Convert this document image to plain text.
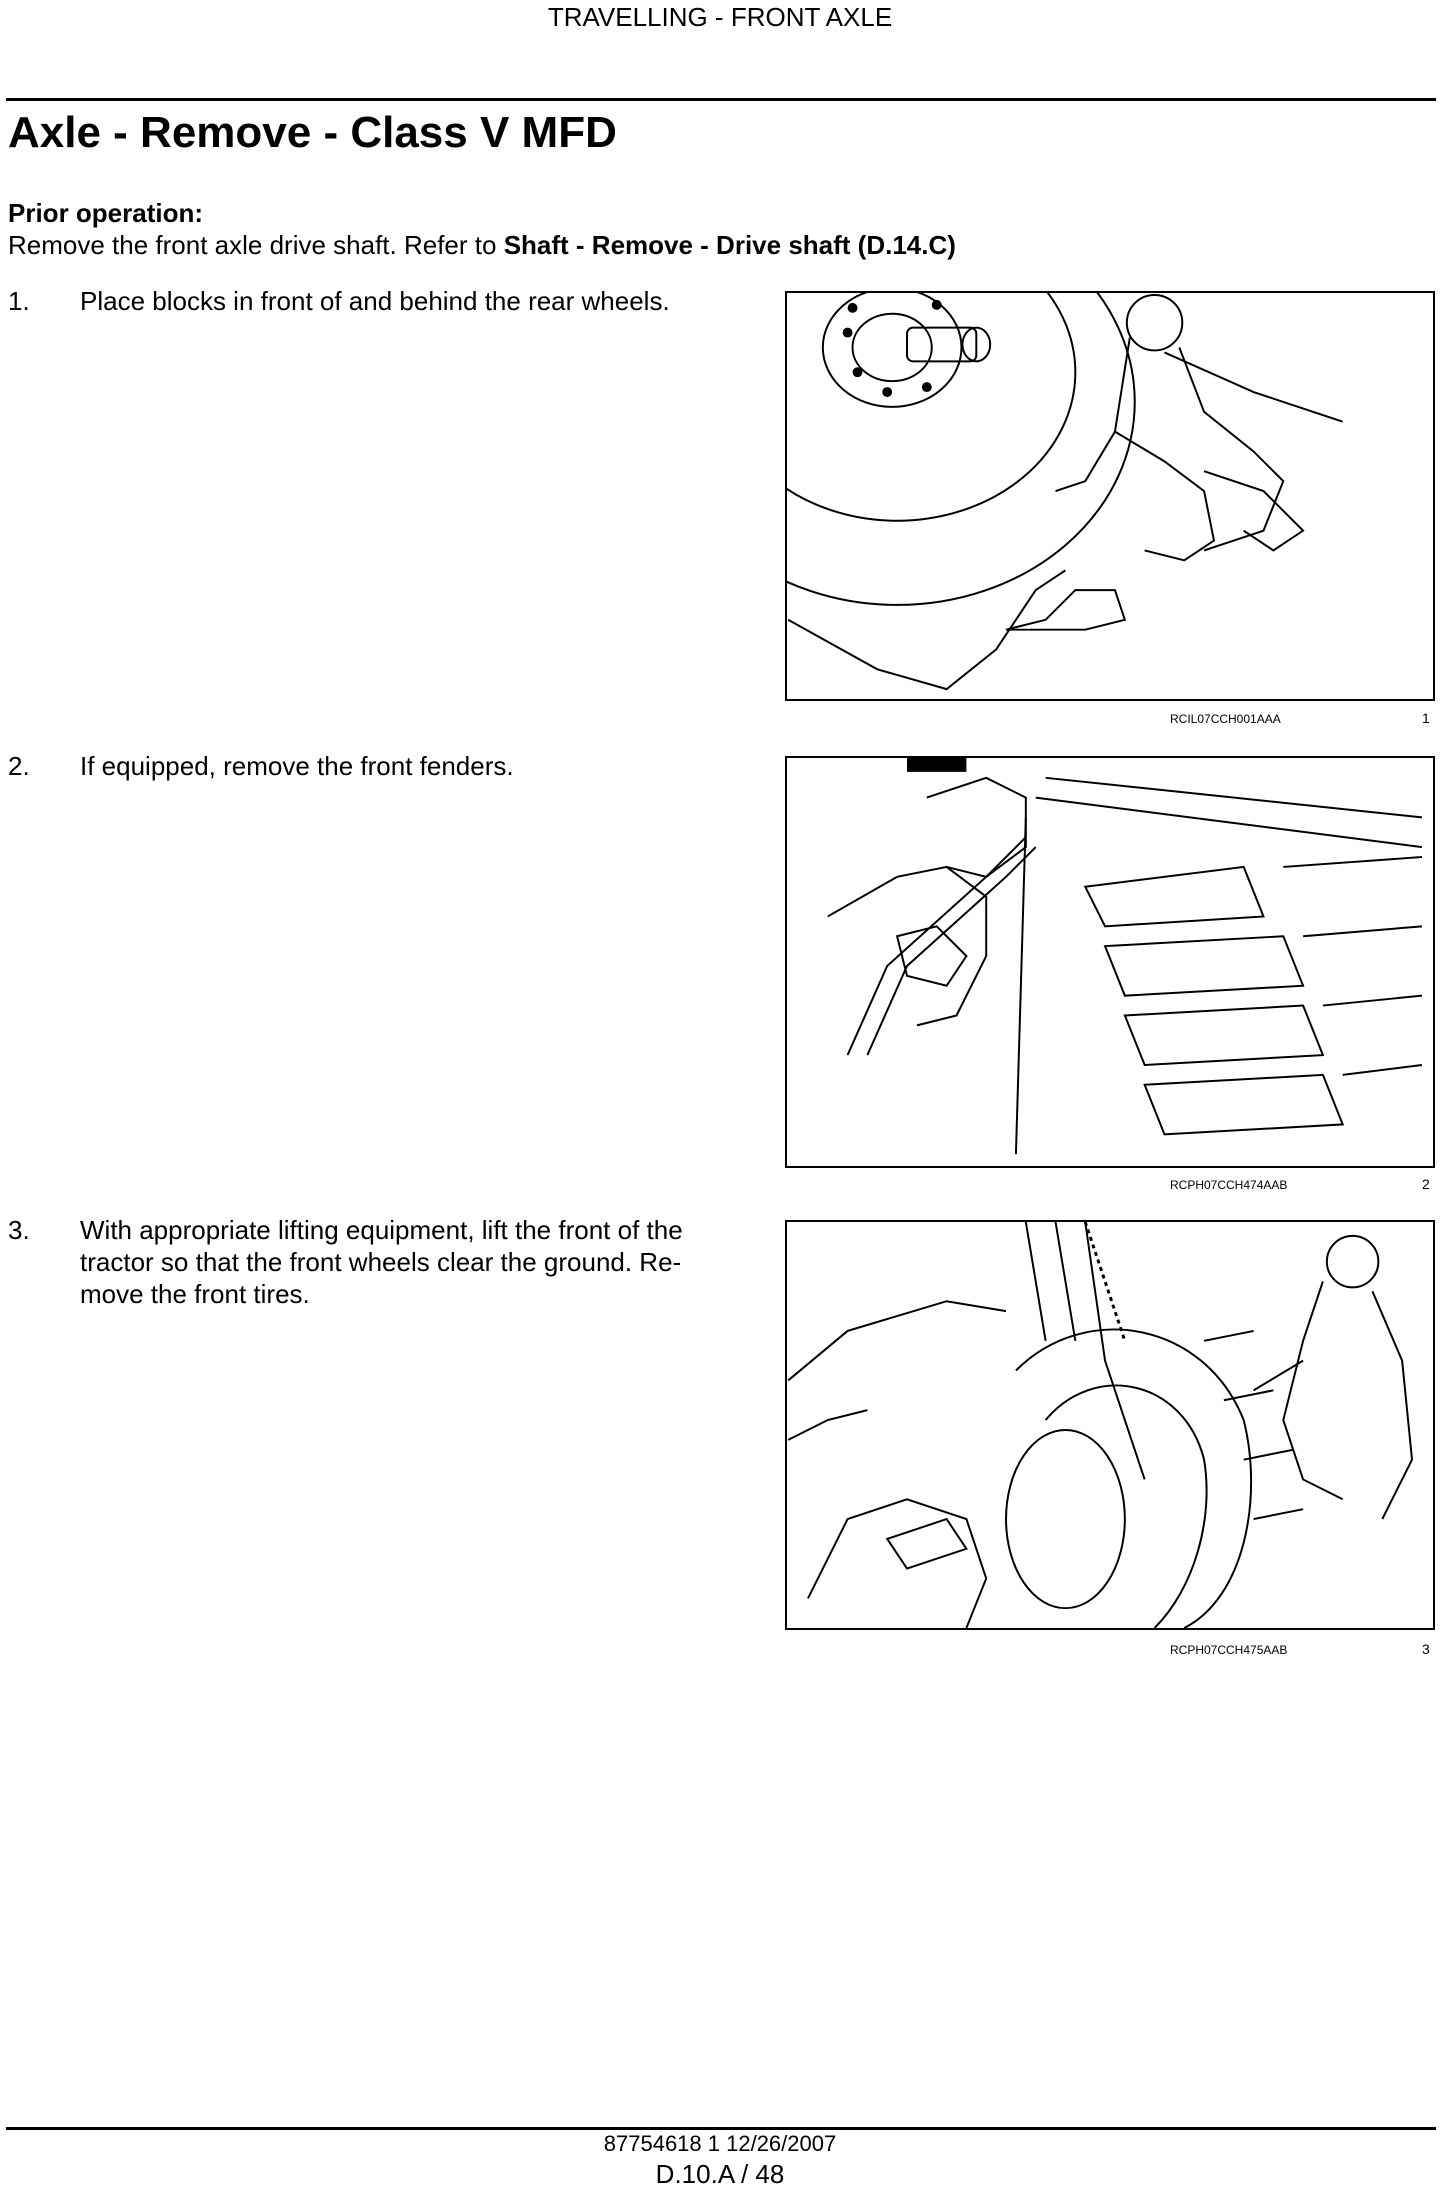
TRAVELLING - FRONT AXLE
Axle - Remove - Class V MFD
Prior operation:
Remove the front axle drive shaft. Refer to Shaft - Remove - Drive shaft (D.14.C)
1. Place blocks in front of and behind the rear wheels.
RCIL07CCH001AAA	1
2. If equipped, remove the front fenders.
RCPH07CCH474AAB	2
3. With appropriate lifting equipment, lift the front of the
tractor so that the front wheels clear the ground. Re-
move the front tires.
RCPH07CCH475AAB	3
87754618 1 12/26/2007
D.10.A / 48
